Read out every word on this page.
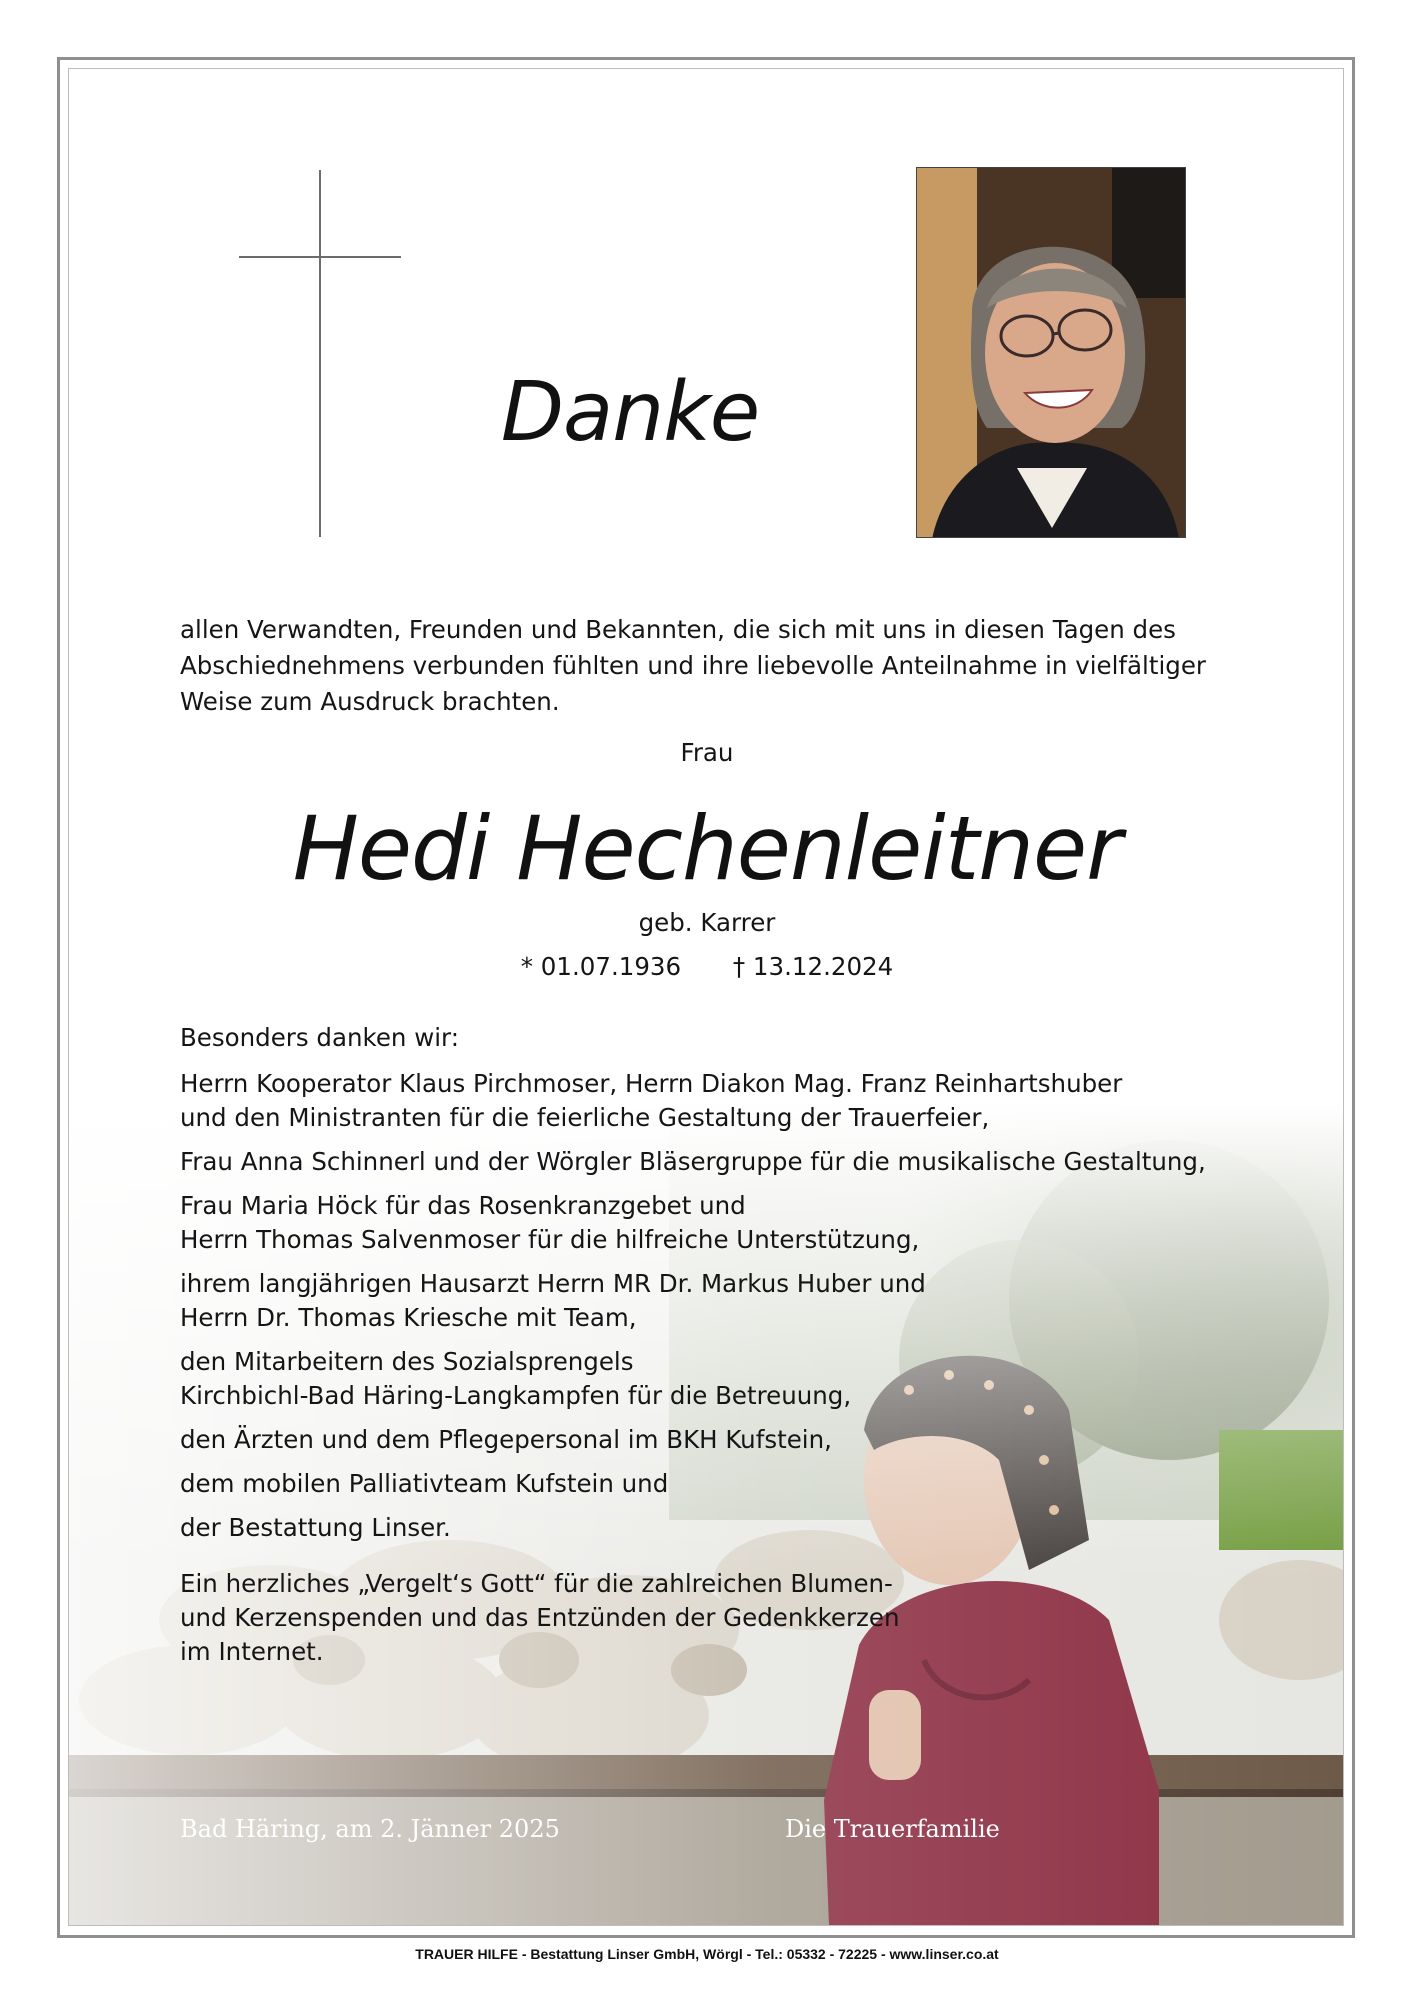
Danke
allen Verwandten, Freunden und Bekannten, die sich mit uns in diesen Tagen des Abschiednehmens verbunden fühlten und ihre liebevolle Anteilnahme in vielfältiger Weise zum Ausdruck brachten.
Frau
Hedi Hechenleitner
geb. Karrer
* 01.07.1936 † 13.12.2024
Besonders danken wir:
Herrn Kooperator Klaus Pirchmoser, Herrn Diakon Mag. Franz Reinhartshuber
und den Ministranten für die feierliche Gestaltung der Trauerfeier,
Frau Anna Schinnerl und der Wörgler Bläsergruppe für die musikalische Gestaltung,
Frau Maria Höck für das Rosenkranzgebet und
Herrn Thomas Salvenmoser für die hilfreiche Unterstützung,
ihrem langjährigen Hausarzt Herrn MR Dr. Markus Huber und
Herrn Dr. Thomas Kriesche mit Team,
den Mitarbeitern des Sozialsprengels
Kirchbichl-Bad Häring-Langkampfen für die Betreuung,
den Ärzten und dem Pflegepersonal im BKH Kufstein,
dem mobilen Palliativteam Kufstein und
der Bestattung Linser.
Ein herzliches „Vergelt‘s Gott“ für die zahlreichen Blumen-
und Kerzenspenden und das Entzünden der Gedenkkerzen
im Internet.
Bad Häring, am 2. Jänner 2025	Die Trauerfamilie
TRAUER HILFE - Bestattung Linser GmbH, Wörgl - Tel.: 05332 - 72225 - www.linser.co.at
